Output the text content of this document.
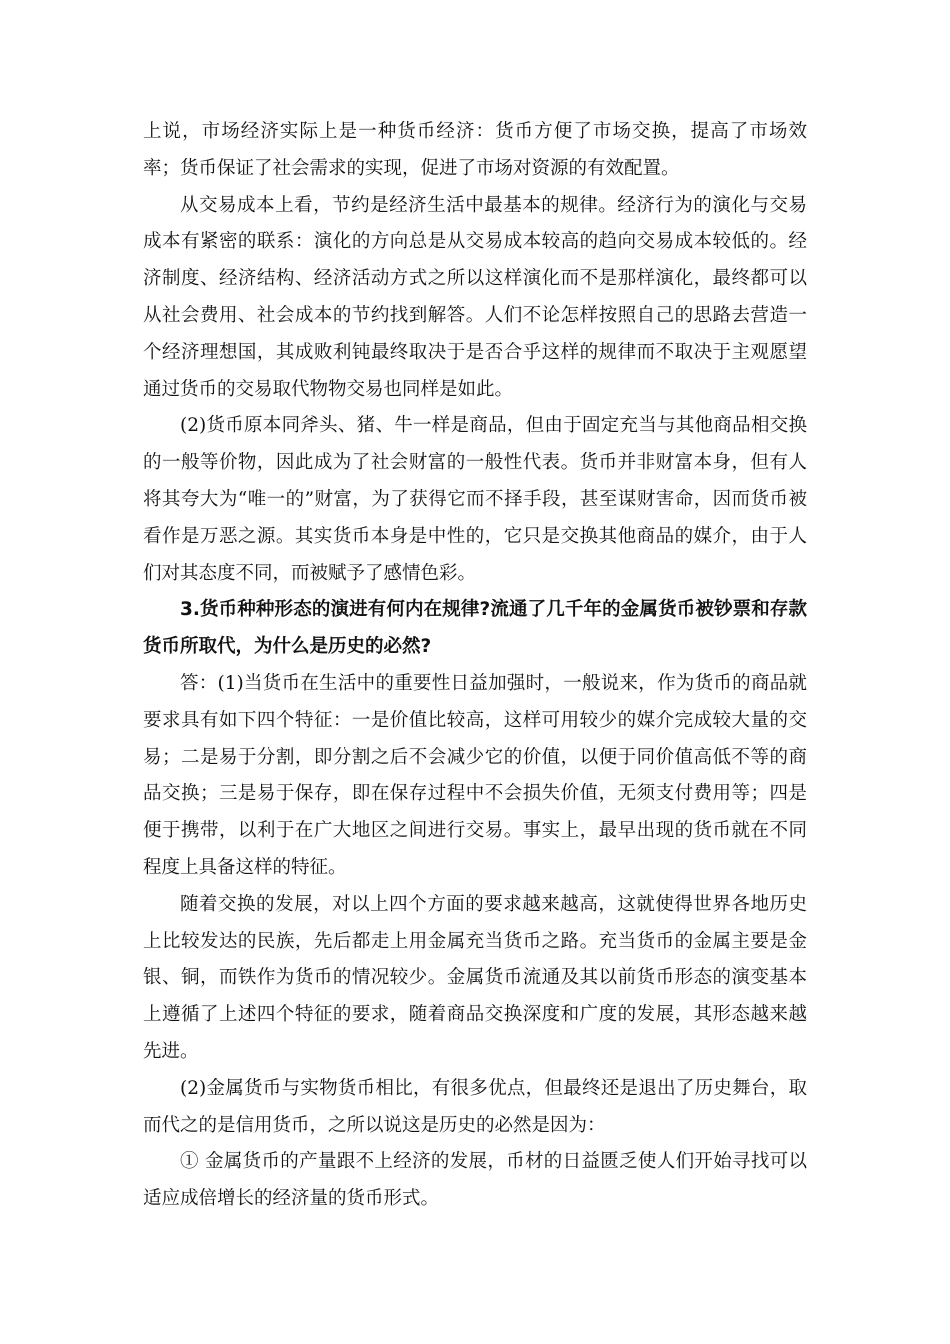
上说，市场经济实际上是一种货币经济：货币方便了市场交换，提高了市场效率；货币保证了社会需求的实现，促进了市场对资源的有效配置。

从交易成本上看，节约是经济生活中最基本的规律。经济行为的演化与交易成本有紧密的联系：演化的方向总是从交易成本较高的趋向交易成本较低的。经济制度、经济结构、经济活动方式之所以这样演化而不是那样演化，最终都可以从社会费用、社会成本的节约找到解答。人们不论怎样按照自己的思路去营造一个经济理想国，其成败利钝最终取决于是否合乎这样的规律而不取决于主观愿望通过货币的交易取代物物交易也同样是如此。

(2)货币原本同斧头、猪、牛一样是商品，但由于固定充当与其他商品相交换的一般等价物，因此成为了社会财富的一般性代表。货币并非财富本身，但有人将其夸大为“唯一的”财富，为了获得它而不择手段，甚至谋财害命，因而货币被看作是万恶之源。其实货币本身是中性的，它只是交换其他商品的媒介，由于人们对其态度不同，而被赋予了感情色彩。

3.货币种种形态的演进有何内在规律?流通了几千年的金属货币被钞票和存款货币所取代，为什么是历史的必然?

答：(1)当货币在生活中的重要性日益加强时，一般说来，作为货币的商品就要求具有如下四个特征：一是价值比较高，这样可用较少的媒介完成较大量的交易；二是易于分割，即分割之后不会减少它的价值，以便于同价值高低不等的商品交换；三是易于保存，即在保存过程中不会损失价值，无须支付费用等；四是便于携带，以利于在广大地区之间进行交易。事实上，最早出现的货币就在不同程度上具备这样的特征。

随着交换的发展，对以上四个方面的要求越来越高，这就使得世界各地历史上比较发达的民族，先后都走上用金属充当货币之路。充当货币的金属主要是金银、铜，而铁作为货币的情况较少。金属货币流通及其以前货币形态的演变基本上遵循了上述四个特征的要求，随着商品交换深度和广度的发展，其形态越来越先进。

(2)金属货币与实物货币相比，有很多优点，但最终还是退出了历史舞台，取而代之的是信用货币，之所以说这是历史的必然是因为：

① 金属货币的产量跟不上经济的发展，币材的日益匮乏使人们开始寻找可以适应成倍增长的经济量的货币形式。
